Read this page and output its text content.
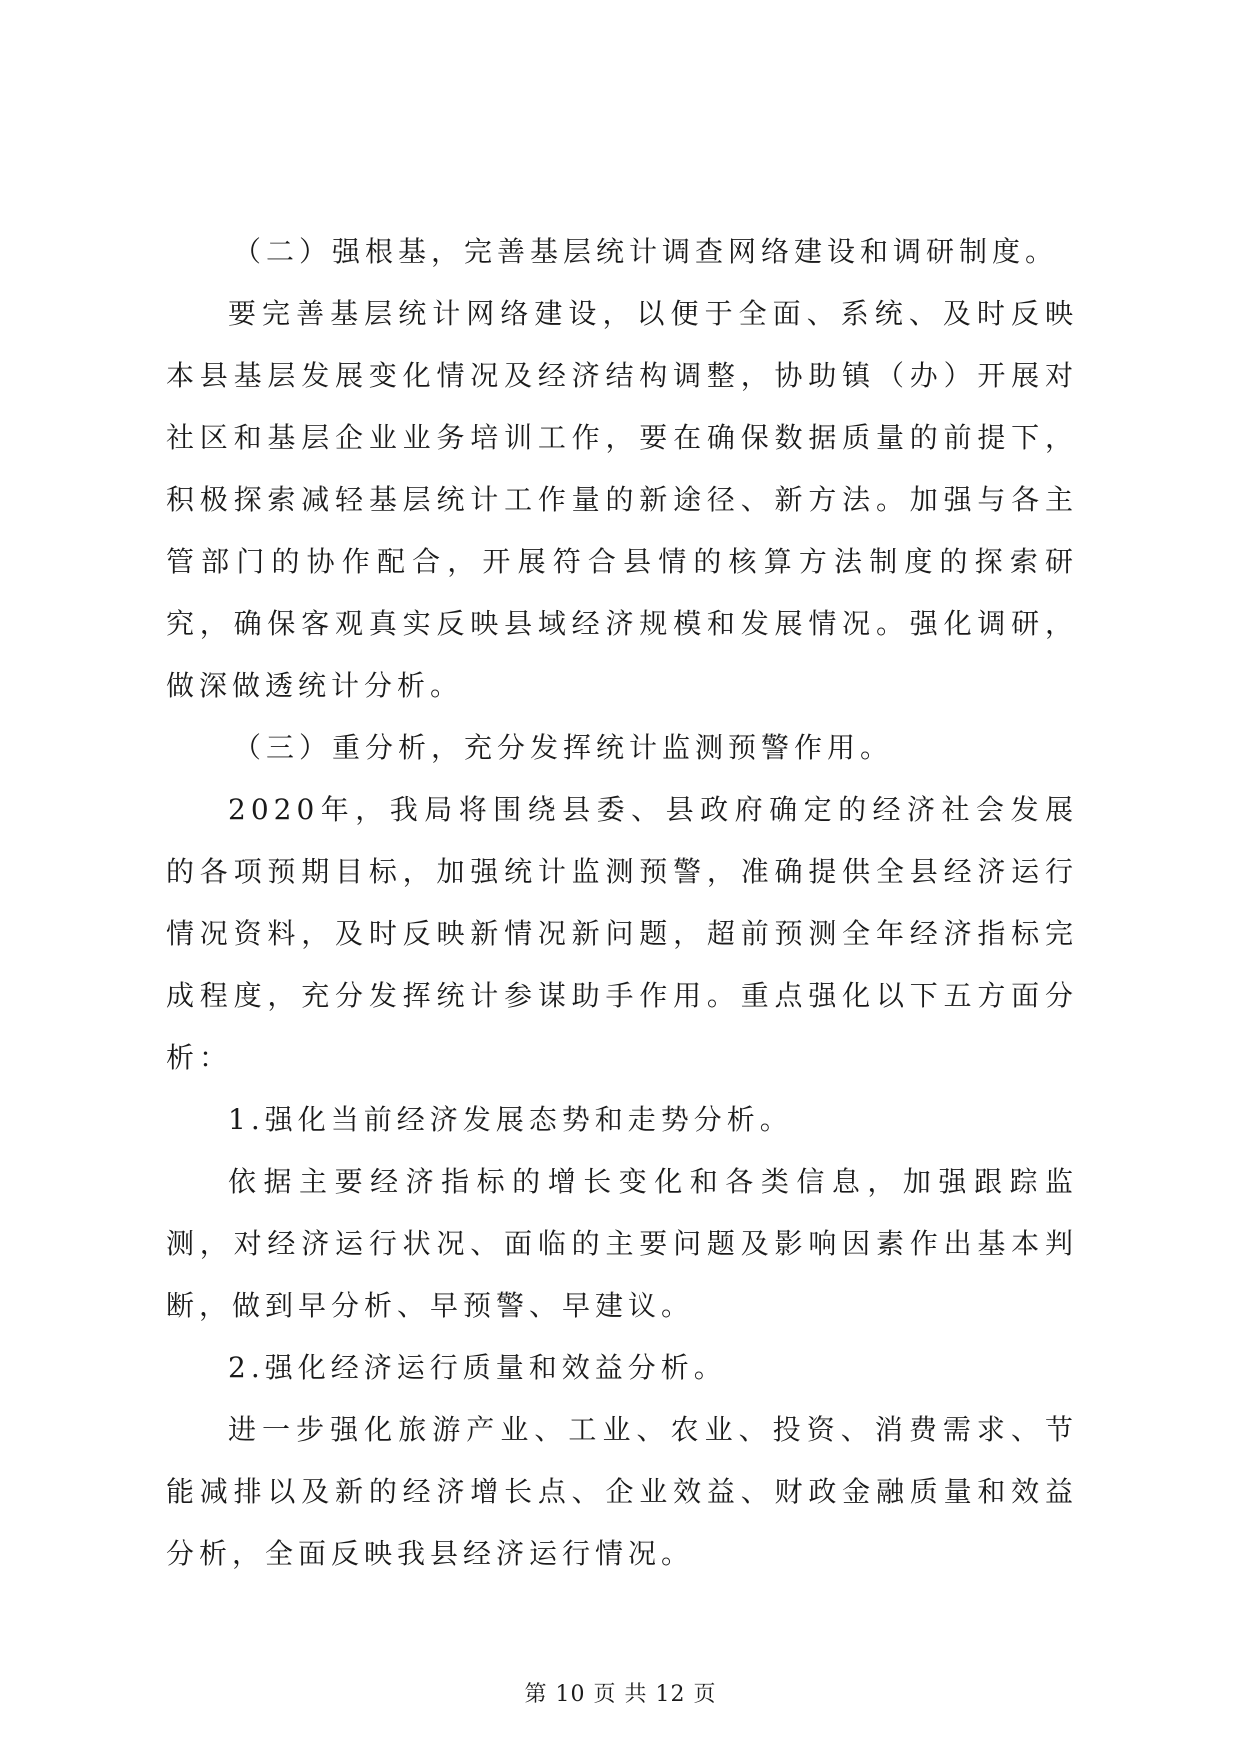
（二）强根基，完善基层统计调查网络建设和调研制度。

要完善基层统计网络建设，以便于全面、系统、及时反映本县基层发展变化情况及经济结构调整，协助镇（办）开展对社区和基层企业业务培训工作，要在确保数据质量的前提下，积极探索减轻基层统计工作量的新途径、新方法。加强与各主管部门的协作配合，开展符合县情的核算方法制度的探索研究，确保客观真实反映县域经济规模和发展情况。强化调研，做深做透统计分析。

（三）重分析，充分发挥统计监测预警作用。

2020年，我局将围绕县委、县政府确定的经济社会发展的各项预期目标，加强统计监测预警，准确提供全县经济运行情况资料，及时反映新情况新问题，超前预测全年经济指标完成程度，充分发挥统计参谋助手作用。重点强化以下五方面分析：

1.强化当前经济发展态势和走势分析。

依据主要经济指标的增长变化和各类信息，加强跟踪监测，对经济运行状况、面临的主要问题及影响因素作出基本判断，做到早分析、早预警、早建议。

2.强化经济运行质量和效益分析。

进一步强化旅游产业、工业、农业、投资、消费需求、节能减排以及新的经济增长点、企业效益、财政金融质量和效益分析，全面反映我县经济运行情况。

第 10 页 共 12 页
